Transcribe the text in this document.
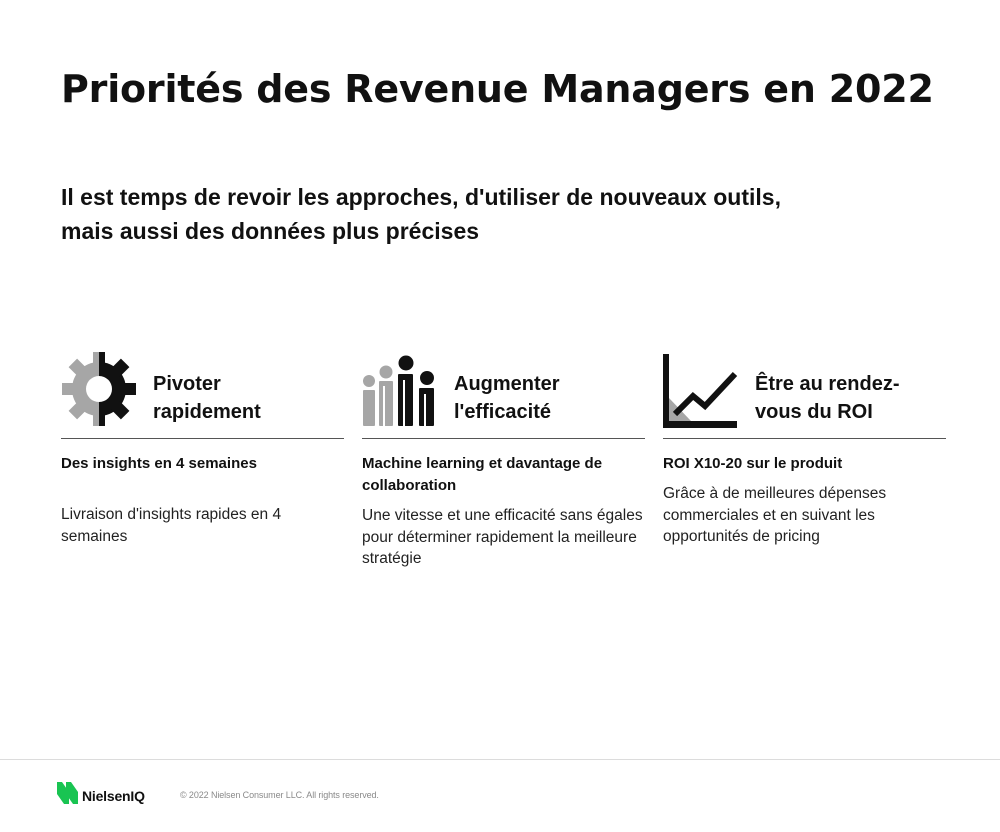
Priorités des Revenue Managers en 2022

Il est temps de revoir les approches, d'utiliser de nouveaux outils,
mais aussi des données plus précises

Pivoter
rapidement
Des insights en 4 semaines
Livraison d'insights rapides en 4 semaines
Augmenter
l'efficacité
Machine learning et davantage de collaboration
Une vitesse et une efficacité sans égales pour déterminer rapidement la meilleure stratégie
Être au rendez-
vous du ROI
ROI X10-20 sur le produit
Grâce à de meilleures dépenses commerciales et en suivant les opportunités de pricing
NielsenIQ	© 2022 Nielsen Consumer LLC. All rights reserved.
